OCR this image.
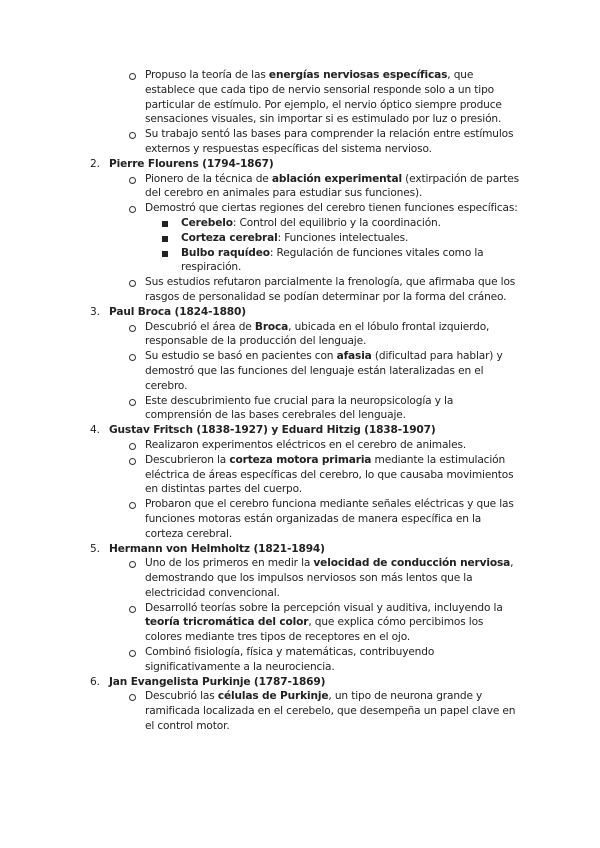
Propuso la teoría de las energías nerviosas específicas, que establece que cada tipo de nervio sensorial responde solo a un tipo particular de estímulo. Por ejemplo, el nervio óptico siempre produce sensaciones visuales, sin importar si es estimulado por luz o presión.
Su trabajo sentó las bases para comprender la relación entre estímulos externos y respuestas específicas del sistema nervioso.
2. Pierre Flourens (1794-1867)
Pionero de la técnica de ablación experimental (extirpación de partes del cerebro en animales para estudiar sus funciones).
Demostró que ciertas regiones del cerebro tienen funciones específicas:
Cerebelo: Control del equilibrio y la coordinación.
Corteza cerebral: Funciones intelectuales.
Bulbo raquídeo: Regulación de funciones vitales como la respiración.
Sus estudios refutaron parcialmente la frenología, que afirmaba que los rasgos de personalidad se podían determinar por la forma del cráneo.
3. Paul Broca (1824-1880)
Descubrió el área de Broca, ubicada en el lóbulo frontal izquierdo, responsable de la producción del lenguaje.
Su estudio se basó en pacientes con afasia (dificultad para hablar) y demostró que las funciones del lenguaje están lateralizadas en el cerebro.
Este descubrimiento fue crucial para la neuropsicología y la comprensión de las bases cerebrales del lenguaje.
4. Gustav Fritsch (1838-1927) y Eduard Hitzig (1838-1907)
Realizaron experimentos eléctricos en el cerebro de animales.
Descubrieron la corteza motora primaria mediante la estimulación eléctrica de áreas específicas del cerebro, lo que causaba movimientos en distintas partes del cuerpo.
Probaron que el cerebro funciona mediante señales eléctricas y que las funciones motoras están organizadas de manera específica en la corteza cerebral.
5. Hermann von Helmholtz (1821-1894)
Uno de los primeros en medir la velocidad de conducción nerviosa, demostrando que los impulsos nerviosos son más lentos que la electricidad convencional.
Desarrolló teorías sobre la percepción visual y auditiva, incluyendo la teoría tricromática del color, que explica cómo percibimos los colores mediante tres tipos de receptores en el ojo.
Combinó fisiología, física y matemáticas, contribuyendo significativamente a la neurociencia.
6. Jan Evangelista Purkinje (1787-1869)
Descubrió las células de Purkinje, un tipo de neurona grande y ramificada localizada en el cerebelo, que desempeña un papel clave en el control motor.
